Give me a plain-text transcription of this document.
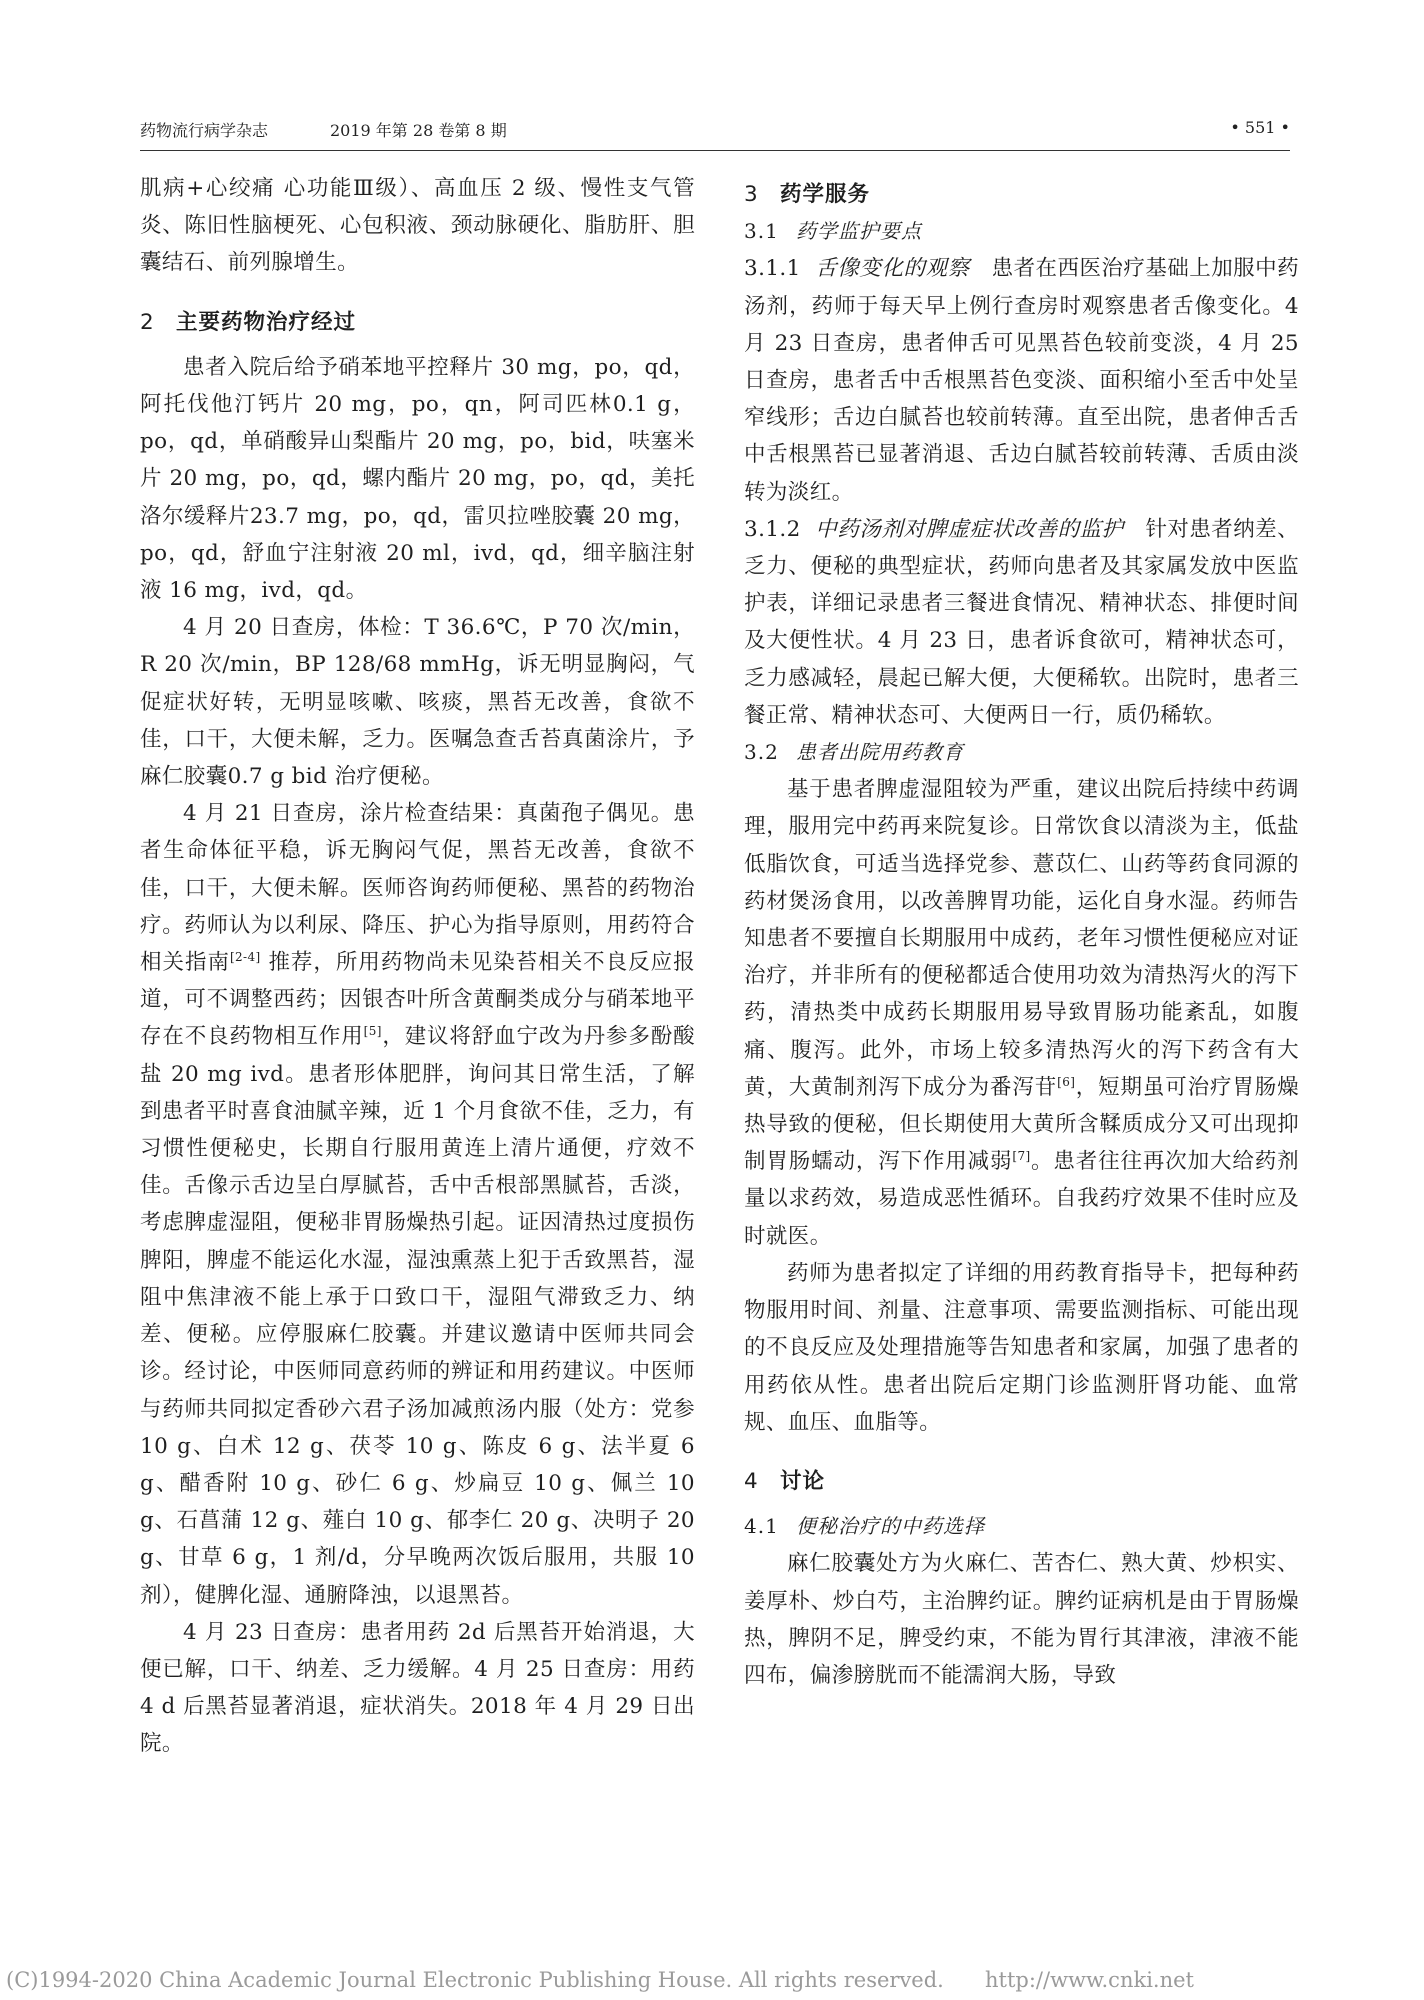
药物流行病学杂志	2019 年第 28 卷第 8 期	• 551 •

肌病+心绞痛 心功能Ⅲ级）、高血压 2 级、慢性支气管炎、陈旧性脑梗死、心包积液、颈动脉硬化、脂肪肝、胆囊结石、前列腺增生。

2 主要药物治疗经过

患者入院后给予硝苯地平控释片 30 mg，po，qd，阿托伐他汀钙片 20 mg，po，qn，阿司匹林0.1 g，po，qd，单硝酸异山梨酯片 20 mg，po，bid，呋塞米片 20 mg，po，qd，螺内酯片 20 mg，po，qd，美托洛尔缓释片23.7 mg，po，qd，雷贝拉唑胶囊 20 mg，po，qd，舒血宁注射液 20 ml，ivd，qd，细辛脑注射液 16 mg，ivd，qd。

4 月 20 日查房，体检：T 36.6℃，P 70 次/min，R 20 次/min，BP 128/68 mmHg，诉无明显胸闷，气促症状好转，无明显咳嗽、咳痰，黑苔无改善，食欲不佳，口干，大便未解，乏力。医嘱急查舌苔真菌涂片，予麻仁胶囊0.7 g bid 治疗便秘。

4 月 21 日查房，涂片检查结果：真菌孢子偶见。患者生命体征平稳，诉无胸闷气促，黑苔无改善，食欲不佳，口干，大便未解。医师咨询药师便秘、黑苔的药物治疗。药师认为以利尿、降压、护心为指导原则，用药符合相关指南[2-4] 推荐，所用药物尚未见染苔相关不良反应报道，可不调整西药；因银杏叶所含黄酮类成分与硝苯地平存在不良药物相互作用[5]，建议将舒血宁改为丹参多酚酸盐 20 mg ivd。患者形体肥胖，询问其日常生活，了解到患者平时喜食油腻辛辣，近 1 个月食欲不佳，乏力，有习惯性便秘史，长期自行服用黄连上清片通便，疗效不佳。舌像示舌边呈白厚腻苔，舌中舌根部黑腻苔，舌淡，考虑脾虚湿阻，便秘非胃肠燥热引起。证因清热过度损伤脾阳，脾虚不能运化水湿，湿浊熏蒸上犯于舌致黑苔，湿阻中焦津液不能上承于口致口干，湿阻气滞致乏力、纳差、便秘。应停服麻仁胶囊。并建议邀请中医师共同会诊。经讨论，中医师同意药师的辨证和用药建议。中医师与药师共同拟定香砂六君子汤加减煎汤内服（处方：党参 10 g、白术 12 g、茯苓 10 g、陈皮 6 g、法半夏 6 g、醋香附 10 g、砂仁 6 g、炒扁豆 10 g、佩兰 10 g、石菖蒲 12 g、薤白 10 g、郁李仁 20 g、决明子 20 g、甘草 6 g，1 剂/d，分早晚两次饭后服用，共服 10 剂），健脾化湿、通腑降浊，以退黑苔。

4 月 23 日查房：患者用药 2d 后黑苔开始消退，大便已解，口干、纳差、乏力缓解。4 月 25 日查房：用药 4 d 后黑苔显著消退，症状消失。2018 年 4 月 29 日出院。

3 药学服务
3.1 药学监护要点

3.1.1 舌像变化的观察 患者在西医治疗基础上加服中药汤剂，药师于每天早上例行查房时观察患者舌像变化。4 月 23 日查房，患者伸舌可见黑苔色较前变淡，4 月 25 日查房，患者舌中舌根黑苔色变淡、面积缩小至舌中处呈窄线形；舌边白腻苔也较前转薄。直至出院，患者伸舌舌中舌根黑苔已显著消退、舌边白腻苔较前转薄、舌质由淡转为淡红。

3.1.2 中药汤剂对脾虚症状改善的监护 针对患者纳差、乏力、便秘的典型症状，药师向患者及其家属发放中医监护表，详细记录患者三餐进食情况、精神状态、排便时间及大便性状。4 月 23 日，患者诉食欲可，精神状态可，乏力感减轻，晨起已解大便，大便稀软。出院时，患者三餐正常、精神状态可、大便两日一行，质仍稀软。

3.2 患者出院用药教育

基于患者脾虚湿阻较为严重，建议出院后持续中药调理，服用完中药再来院复诊。日常饮食以清淡为主，低盐低脂饮食，可适当选择党参、薏苡仁、山药等药食同源的药材煲汤食用，以改善脾胃功能，运化自身水湿。药师告知患者不要擅自长期服用中成药，老年习惯性便秘应对证治疗，并非所有的便秘都适合使用功效为清热泻火的泻下药，清热类中成药长期服用易导致胃肠功能紊乱，如腹痛、腹泻。此外，市场上较多清热泻火的泻下药含有大黄，大黄制剂泻下成分为番泻苷[6]，短期虽可治疗胃肠燥热导致的便秘，但长期使用大黄所含鞣质成分又可出现抑制胃肠蠕动，泻下作用减弱[7]。患者往往再次加大给药剂量以求药效，易造成恶性循环。自我药疗效果不佳时应及时就医。

药师为患者拟定了详细的用药教育指导卡，把每种药物服用时间、剂量、注意事项、需要监测指标、可能出现的不良反应及处理措施等告知患者和家属，加强了患者的用药依从性。患者出院后定期门诊监测肝肾功能、血常规、血压、血脂等。

4 讨论
4.1 便秘治疗的中药选择

麻仁胶囊处方为火麻仁、苦杏仁、熟大黄、炒枳实、姜厚朴、炒白芍，主治脾约证。脾约证病机是由于胃肠燥热，脾阴不足，脾受约束，不能为胃行其津液，津液不能四布，偏渗膀胱而不能濡润大肠，导致

(C)1994-2020 China Academic Journal Electronic Publishing House. All rights reserved. http://www.cnki.net
